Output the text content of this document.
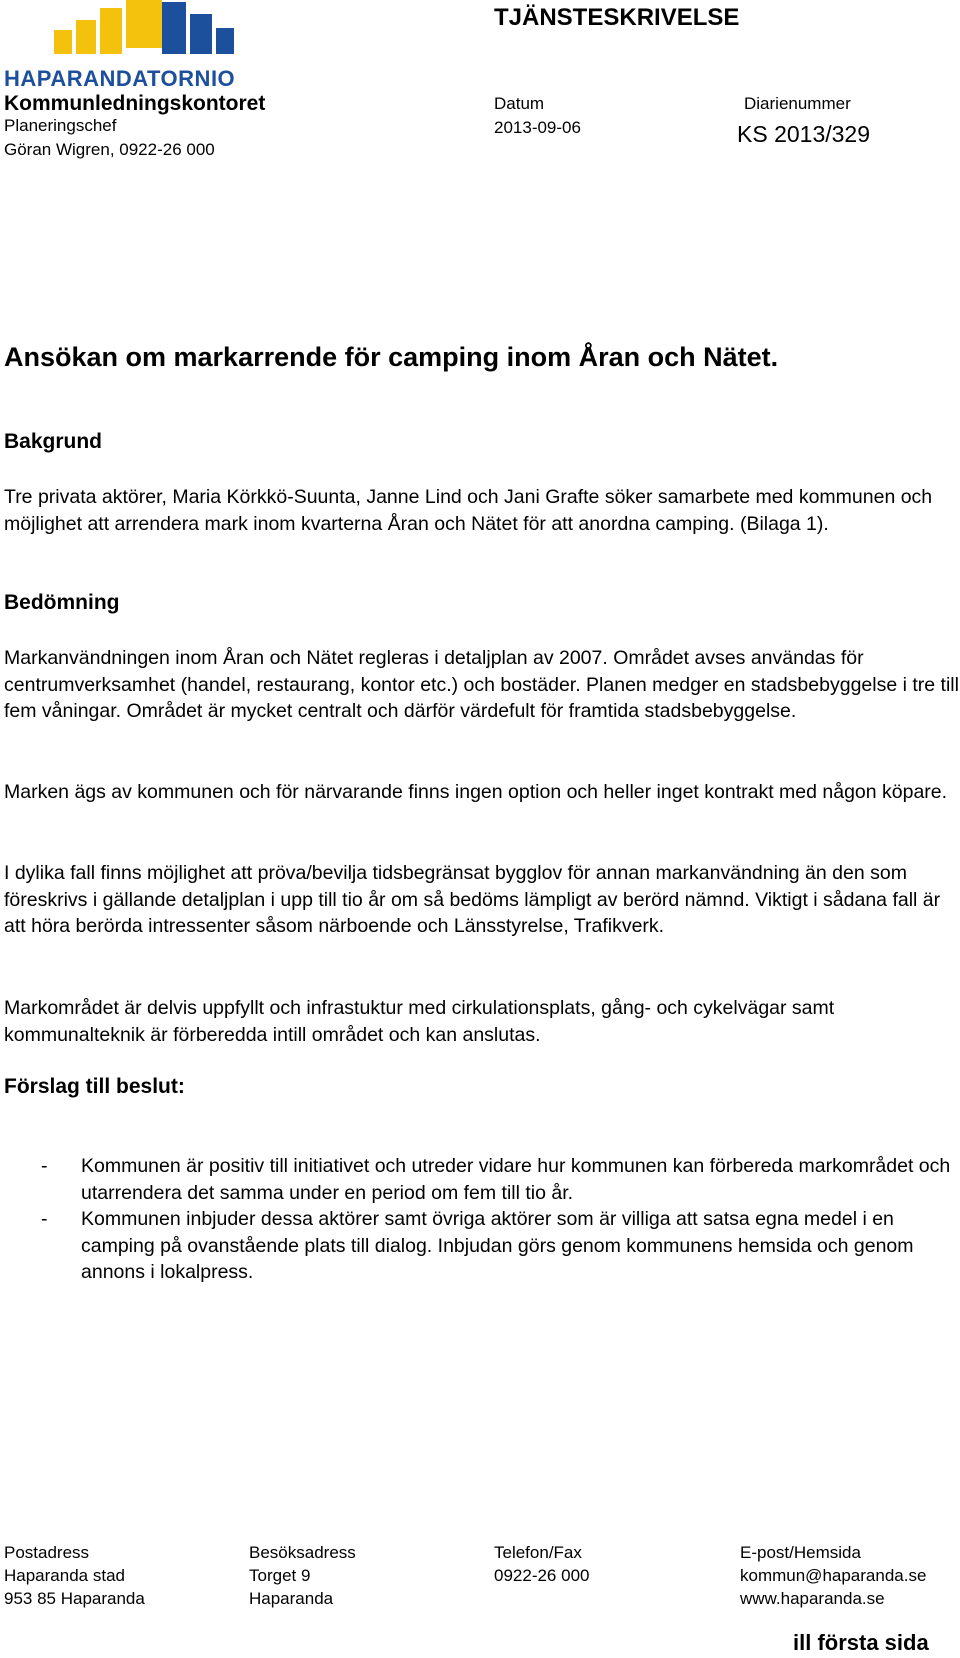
HAPARANDATORNIO
TJÄNSTESKRIVELSE
Kommunledningskontoret
Planeringschef
Göran Wigren, 0922-26 000
Datum
2013-09-06
Diarienummer
KS 2013/329
Ansökan om markarrende för camping inom Åran och Nätet.
Bakgrund
Tre privata aktörer, Maria Körkkö-Suunta, Janne Lind och Jani Grafte söker samarbete med kommunen och möjlighet att arrendera mark inom kvarterna Åran och Nätet för att anordna camping. (Bilaga 1).
Bedömning
Markanvändningen inom Åran och Nätet regleras i detaljplan av 2007. Området avses användas för centrumverksamhet (handel, restaurang, kontor etc.) och bostäder. Planen medger en stadsbebyggelse i tre till fem våningar. Området är mycket centralt och därför värdefult för framtida stadsbebyggelse.
Marken ägs av kommunen och för närvarande finns ingen option och heller inget kontrakt med någon köpare.
I dylika fall finns möjlighet att pröva/bevilja tidsbegränsat bygglov för annan markanvändning än den som föreskrivs i gällande detaljplan i upp till tio år om så bedöms lämpligt av berörd nämnd. Viktigt i sådana fall är att höra berörda intressenter såsom närboende och Länsstyrelse, Trafikverk.
Markområdet är delvis uppfyllt och infrastuktur med cirkulationsplats, gång- och cykelvägar samt kommunalteknik är förberedda intill området och kan anslutas.
Förslag till beslut:
- Kommunen är positiv till initiativet och utreder vidare hur kommunen kan förbereda markområdet och utarrendera det samma under en period om fem till tio år.
- Kommunen inbjuder dessa aktörer samt övriga aktörer som är villiga att satsa egna medel i en camping på ovanstående plats till dialog. Inbjudan görs genom kommunens hemsida och genom annons i lokalpress.
Postadress
Haparanda stad
953 85 Haparanda
Besöksadress
Torget 9
Haparanda
Telefon/Fax
0922-26 000
E-post/Hemsida
kommun@haparanda.se
www.haparanda.se
ill första sida
